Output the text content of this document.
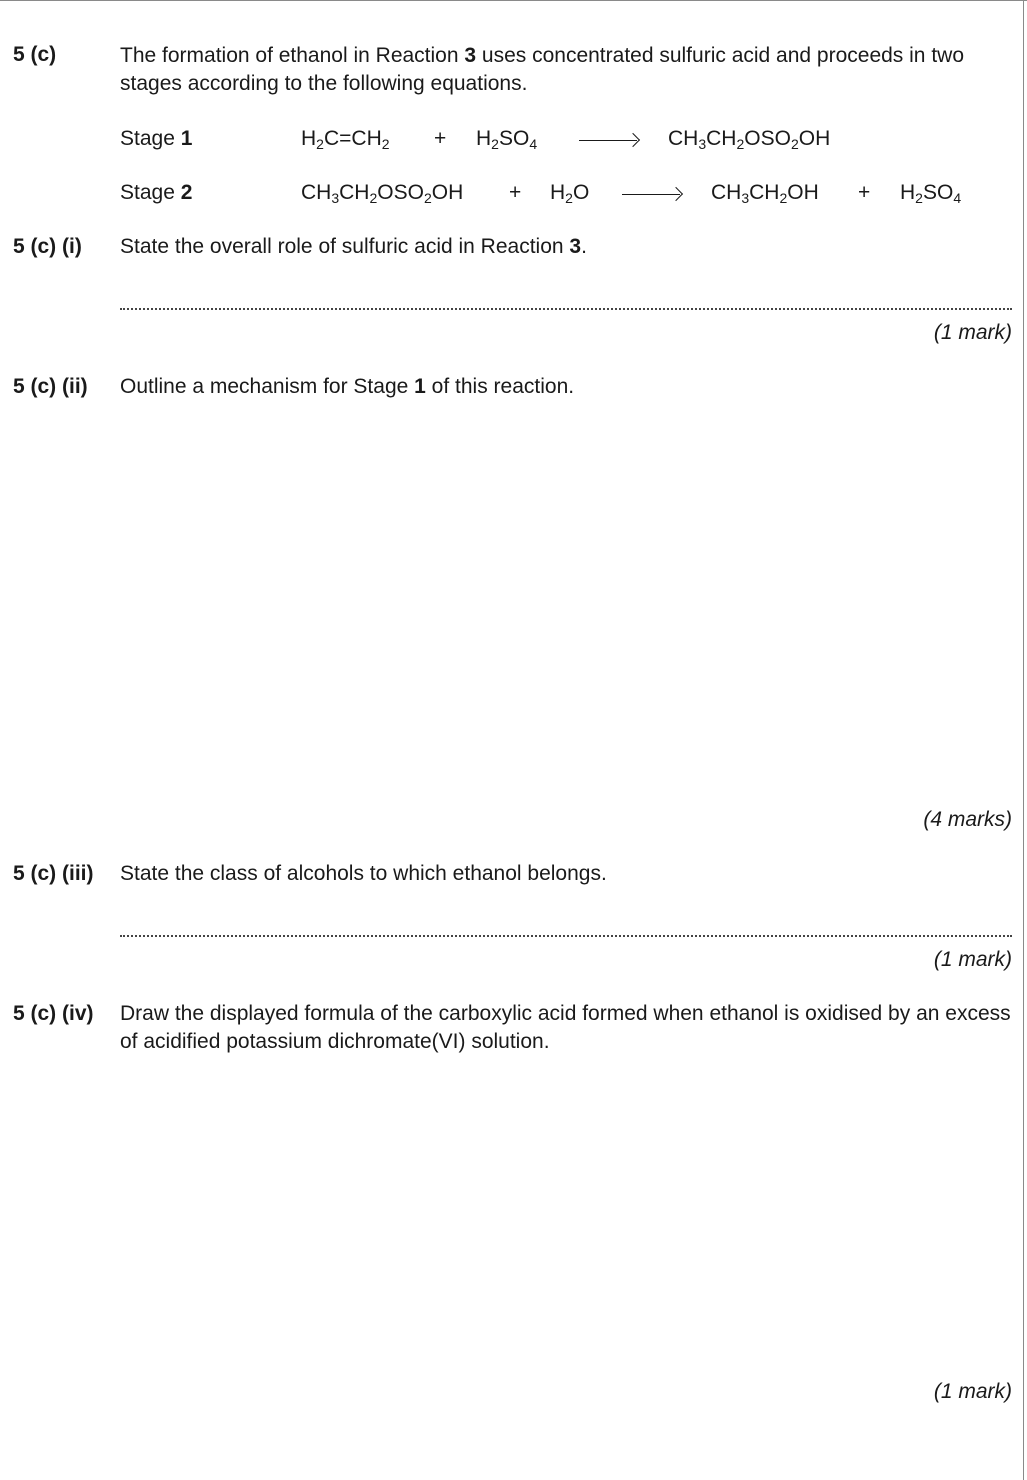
5 (c)	The formation of ethanol in Reaction 3 uses concentrated sulfuric acid and proceeds in two stages according to the following equations.
Stage 1	$H_2C=CH_2 + H_2SO_4$	$CH_3CH_2OSO_2OH$
Stage 2	$CH_3CH_2OSO_2OH + H_2O$	$CH_3CH_2OH + H_2SO_4$
5 (c) (i) State the overall role of sulfuric acid in Reaction 3.
(1 mark)
5 (c) (ii) Outline a mechanism for Stage 1 of this reaction.
(4 marks)
5 (c) (iii) State the class of alcohols to which ethanol belongs.
(1 mark)
5 (c) (iv) Draw the displayed formula of the carboxylic acid formed when ethanol is oxidised by an excess of acidified potassium dichromate(VI) solution.
(1 mark)
